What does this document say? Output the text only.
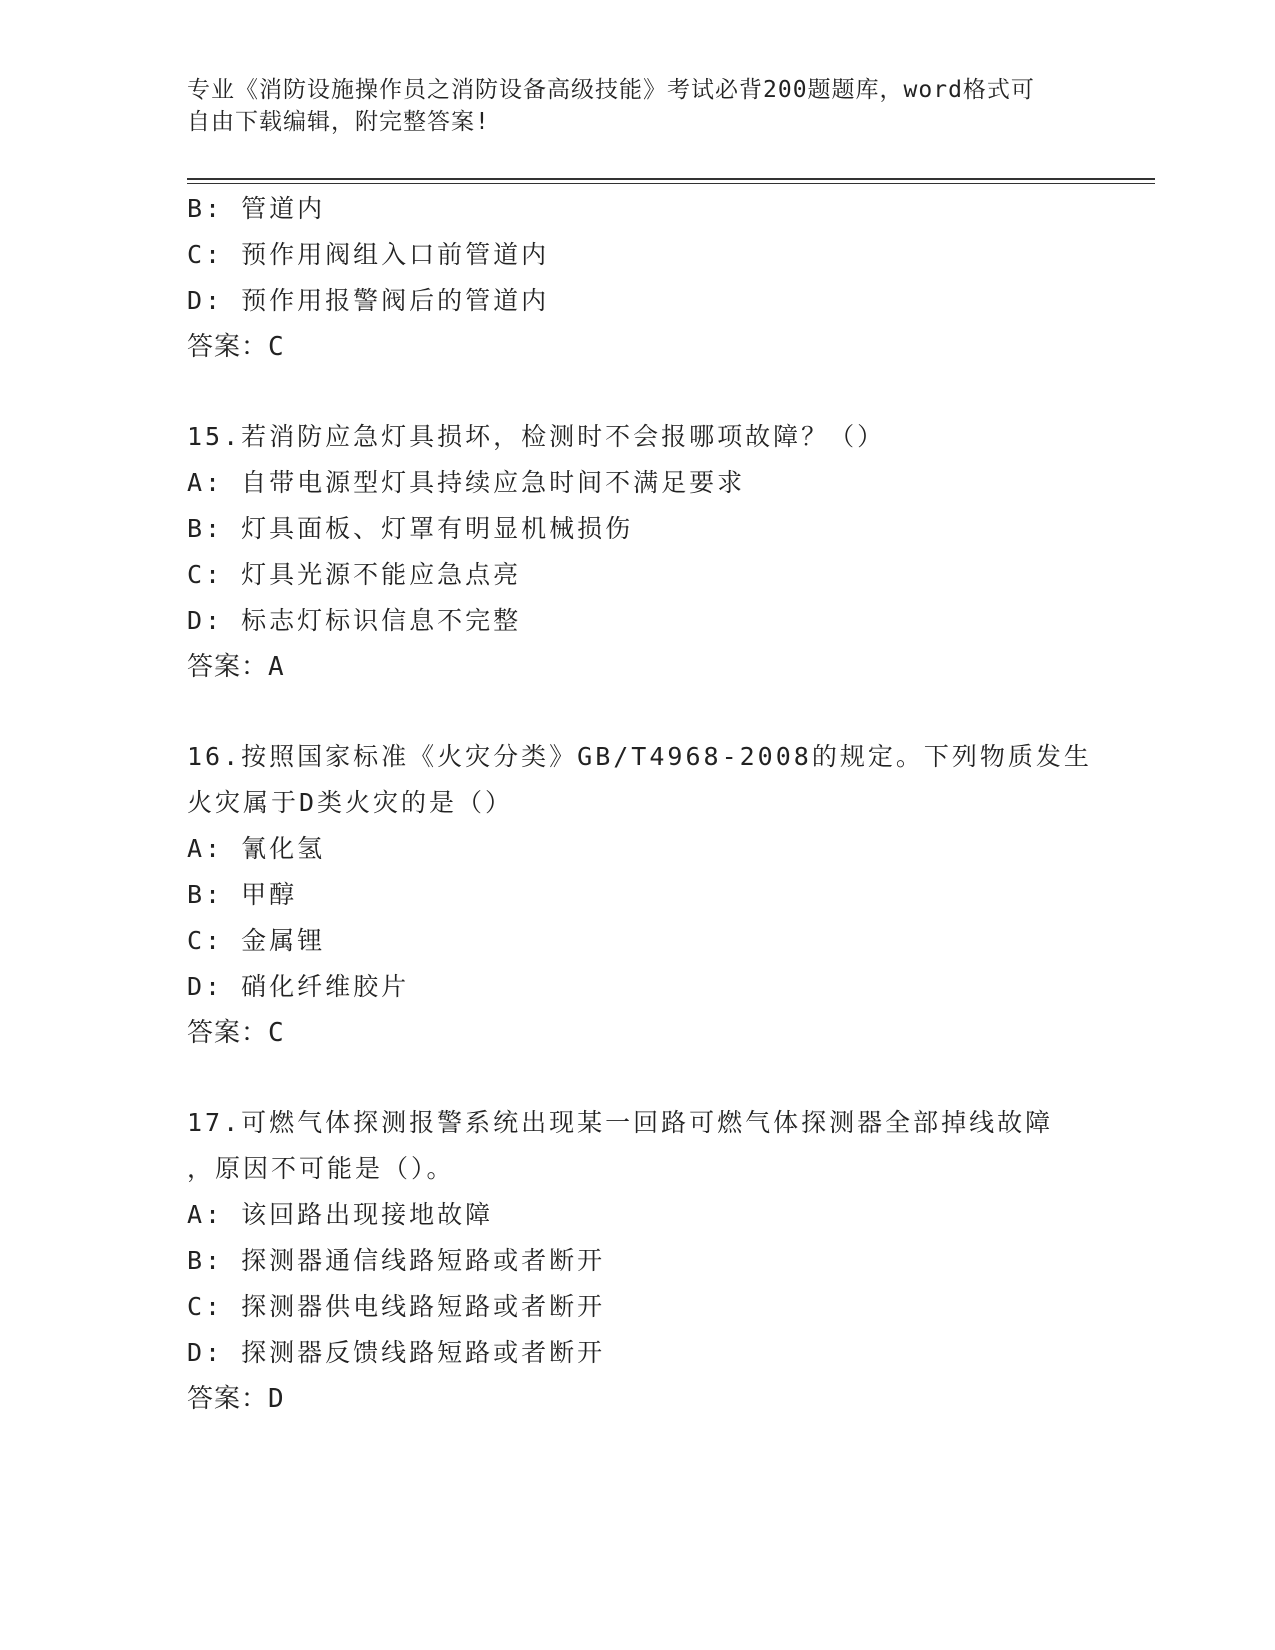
专业《消防设施操作员之消防设备高级技能》考试必背200题题库，word格式可
自由下载编辑，附完整答案!
B: 管道内
C: 预作用阀组入口前管道内
D: 预作用报警阀后的管道内
答案：C
15.若消防应急灯具损坏，检测时不会报哪项故障？（）
A: 自带电源型灯具持续应急时间不满足要求
B: 灯具面板、灯罩有明显机械损伤
C: 灯具光源不能应急点亮
D: 标志灯标识信息不完整
答案：A
16.按照国家标准《火灾分类》GB/T4968-2008的规定。下列物质发生
火灾属于D类火灾的是（）
A: 氰化氢
B: 甲醇
C: 金属锂
D: 硝化纤维胶片
答案：C
17.可燃气体探测报警系统出现某一回路可燃气体探测器全部掉线故障
，原因不可能是（）。
A: 该回路出现接地故障
B: 探测器通信线路短路或者断开
C: 探测器供电线路短路或者断开
D: 探测器反馈线路短路或者断开
答案：D
